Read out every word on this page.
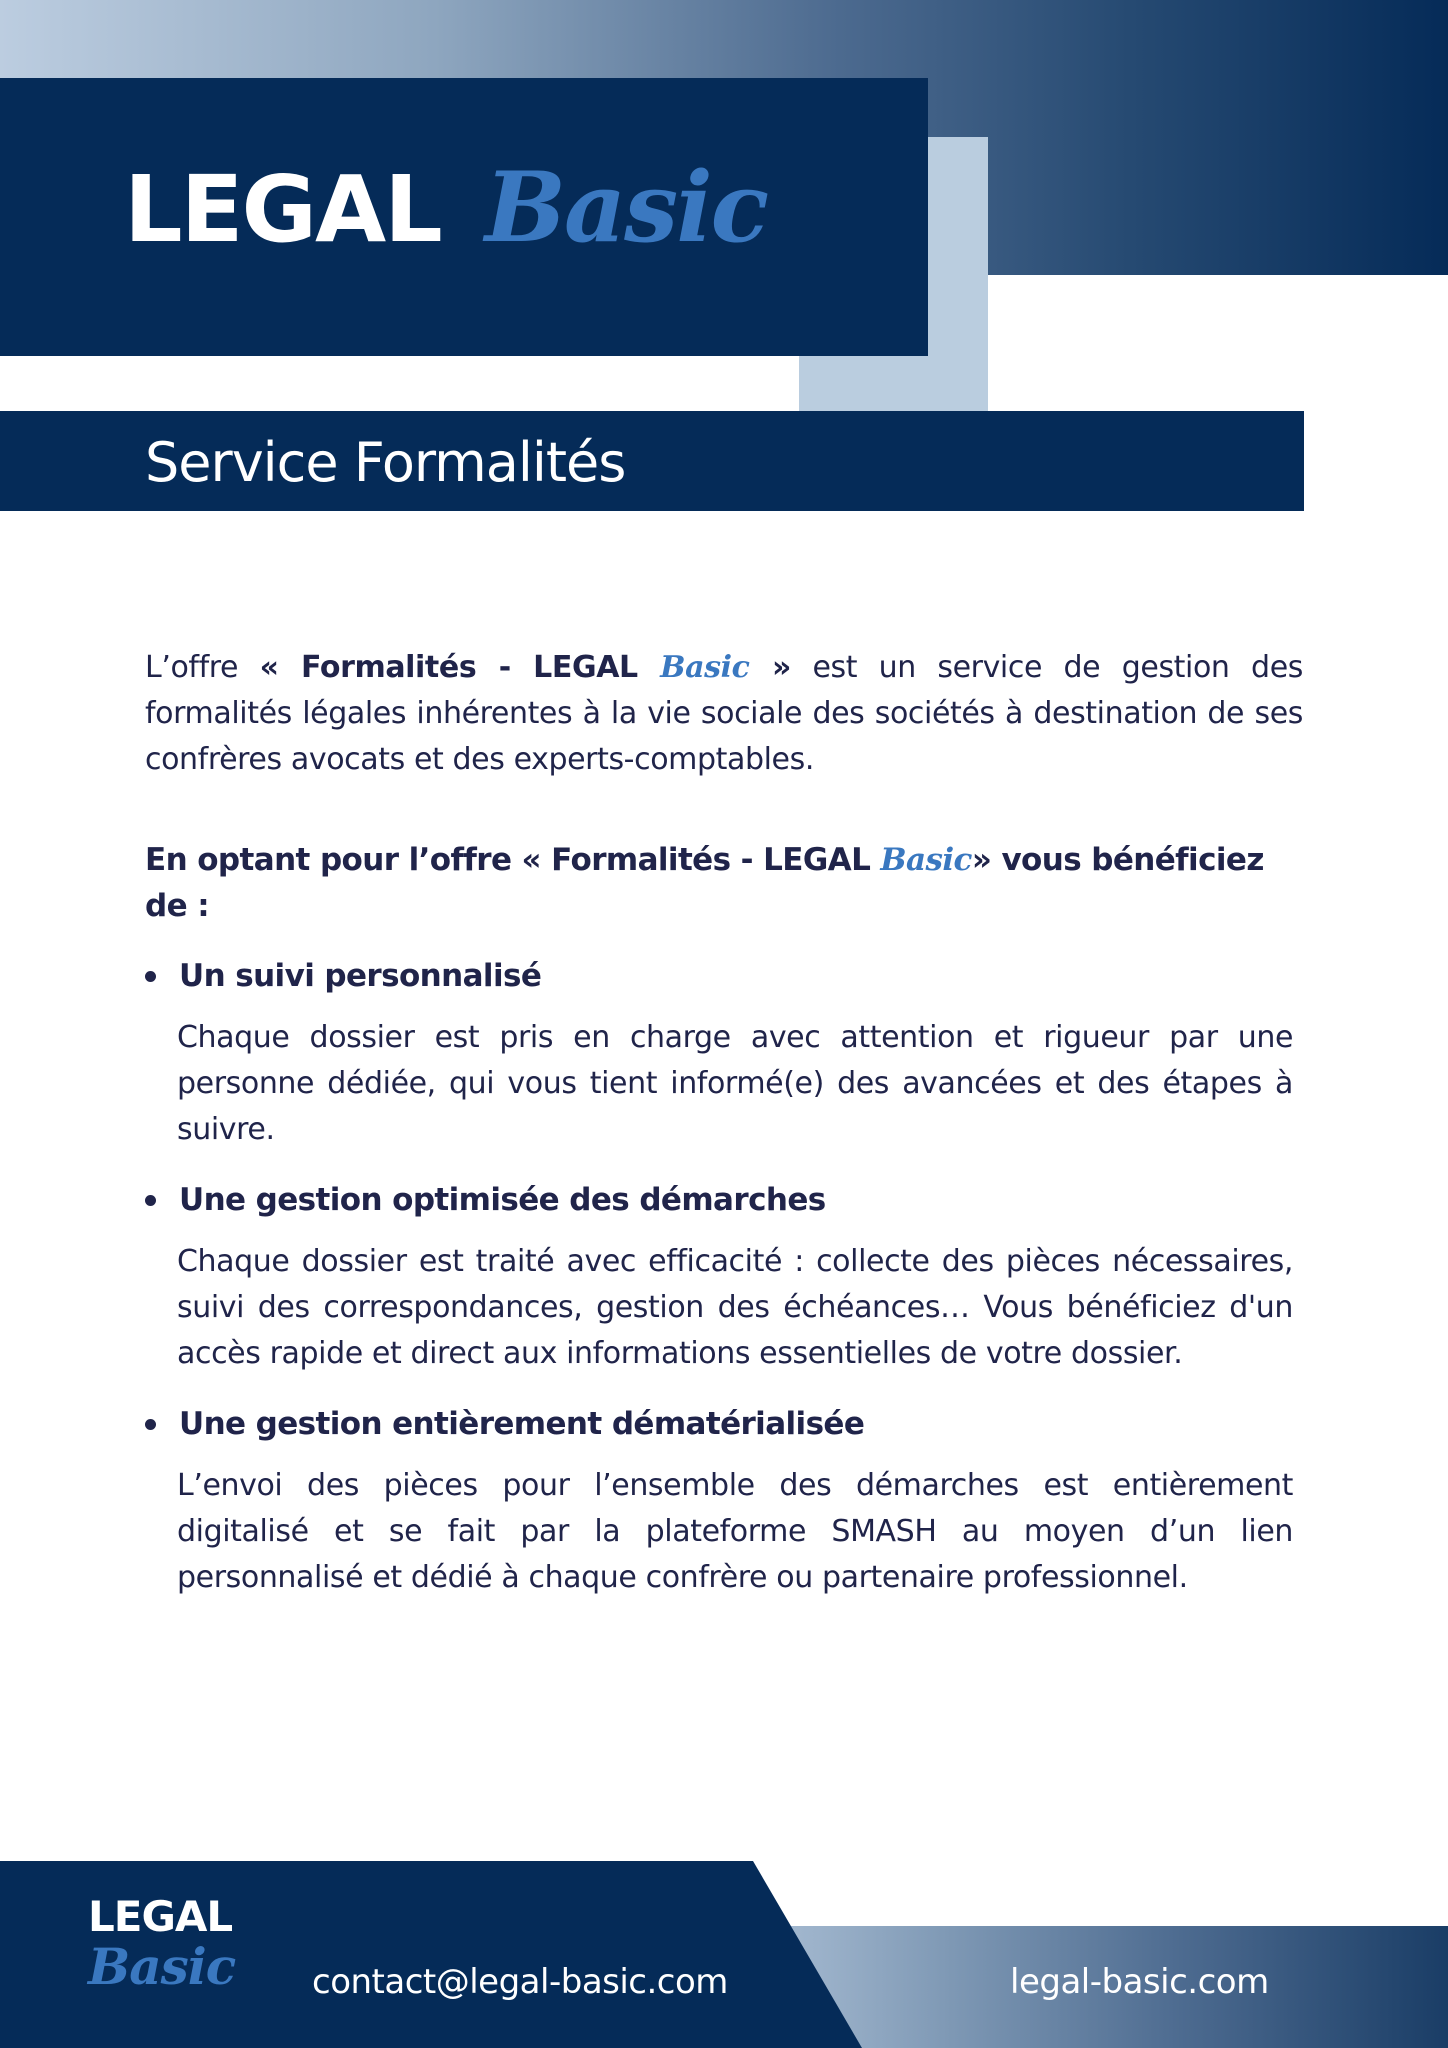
LEGAL Basic
Service Formalités

L’offre « Formalités - LEGAL Basic » est un service de gestion des formalités légales inhérentes à la vie sociale des sociétés à destination de ses confrères avocats et des experts-comptables.

En optant pour l’offre « Formalités - LEGAL Basic» vous bénéficiez de :

Un suivi personnalisé

Chaque dossier est pris en charge avec attention et rigueur par une personne dédiée, qui vous tient informé(e) des avancées et des étapes à suivre.

Une gestion optimisée des démarches

Chaque dossier est traité avec efficacité : collecte des pièces nécessaires, suivi des correspondances, gestion des échéances… Vous bénéficiez d'un accès rapide et direct aux informations essentielles de votre dossier.

Une gestion entièrement dématérialisée

L’envoi des pièces pour l’ensemble des démarches est entièrement digitalisé et se fait par la plateforme SMASH au moyen d’un lien personnalisé et dédié à chaque confrère ou partenaire professionnel.

LEGAL
Basic contact@legal-basic.com	legal-basic.com
